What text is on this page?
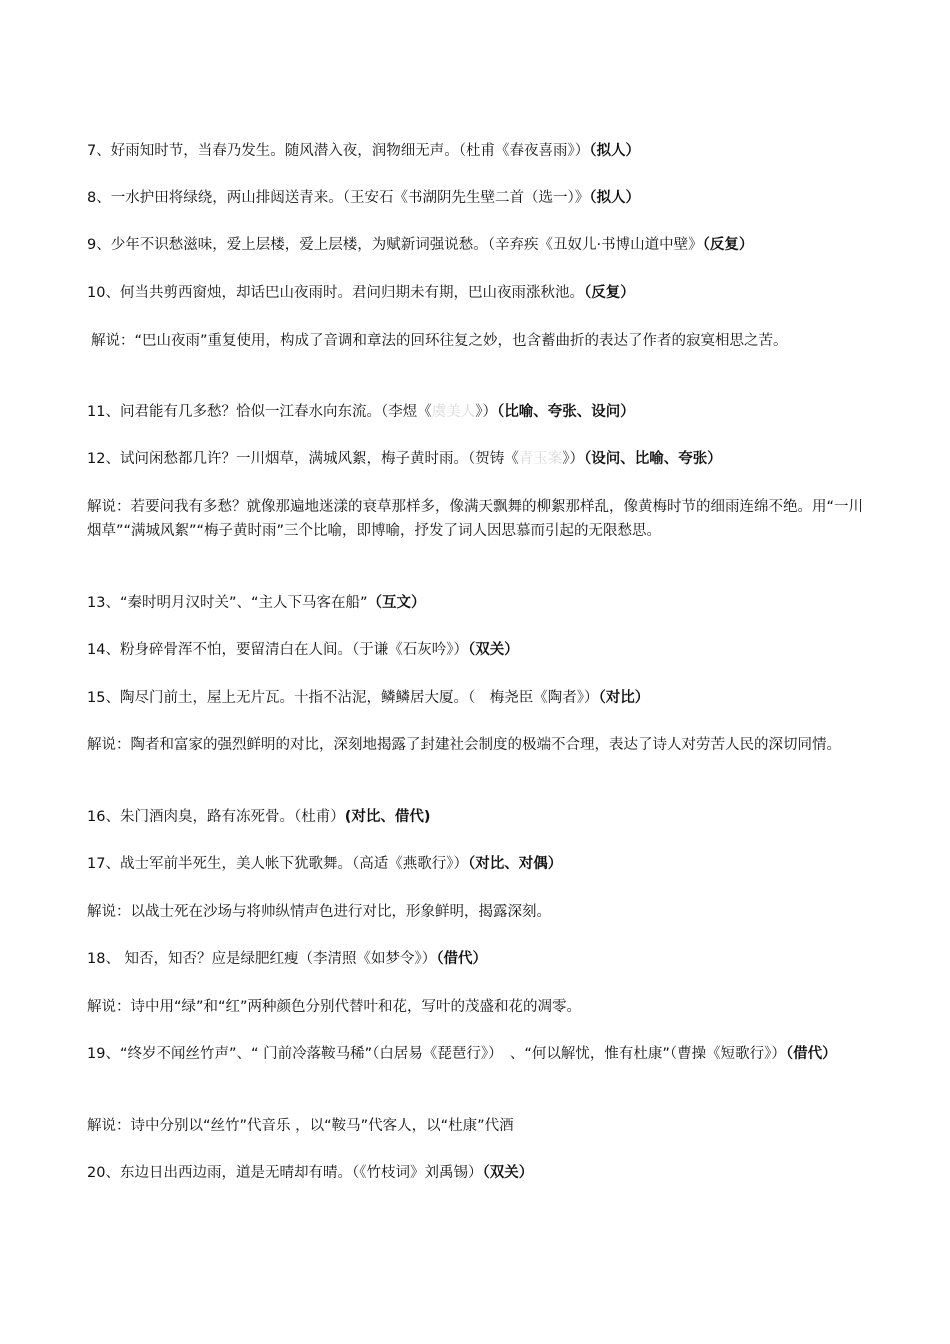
7、好雨知时节，当春乃发生。随风潜入夜，润物细无声。（杜甫《春夜喜雨》）（拟人）

8、一水护田将绿绕，两山排闼送青来。（王安石《书湖阴先生壁二首（选一）》（拟人）

9、少年不识愁滋味，爱上层楼，爱上层楼，为赋新词强说愁。（辛弃疾《丑奴儿·书博山道中壁》（反复）

10、何当共剪西窗烛，却话巴山夜雨时。君问归期未有期，巴山夜雨涨秋池。（反复）

解说：“巴山夜雨”重复使用，构成了音调和章法的回环往复之妙，也含蓄曲折的表达了作者的寂寞相思之苦。

11、问君能有几多愁？恰似一江春水向东流。（李煜《虞美人》）（比喻、夸张、设问）

12、试问闲愁都几许？一川烟草，满城风絮，梅子黄时雨。（贺铸《青玉案》）（设问、比喻、夸张）

解说：若要问我有多愁？就像那遍地迷漾的衰草那样多，像满天飘舞的柳絮那样乱，像黄梅时节的细雨连绵不绝。用“一川烟草”“满城风絮”“梅子黄时雨”三个比喻，即博喻，抒发了词人因思慕而引起的无限愁思。

13、“秦时明月汉时关”、“主人下马客在船”（互文）

14、粉身碎骨浑不怕，要留清白在人间。（于谦《石灰吟》）（双关）

15、陶尽门前土，屋上无片瓦。十指不沾泥，鳞鳞居大厦。（　梅尧臣《陶者》）（对比）

解说：陶者和富家的强烈鲜明的对比，深刻地揭露了封建社会制度的极端不合理，表达了诗人对劳苦人民的深切同情。

16、朱门酒肉臭，路有冻死骨。（杜甫）(对比、借代)

17、战士军前半死生，美人帐下犹歌舞。（高适《燕歌行》）（对比、对偶）

解说：以战士死在沙场与将帅纵情声色进行对比，形象鲜明，揭露深刻。

18、 知否，知否？应是绿肥红瘦（李清照《如梦令》）（借代）

解说：诗中用“绿”和“红”两种颜色分别代替叶和花，写叶的茂盛和花的凋零。

19、“终岁不闻丝竹声”、“ 门前冷落鞍马稀”（白居易《琵琶行》）　、“何以解忧，惟有杜康”（曹操《短歌行》）（借代）

解说：诗中分别以“丝竹”代音乐 ，以“鞍马”代客人，以“杜康”代酒

20、东边日出西边雨，道是无晴却有晴。（《竹枝词》刘禹锡）（双关）
